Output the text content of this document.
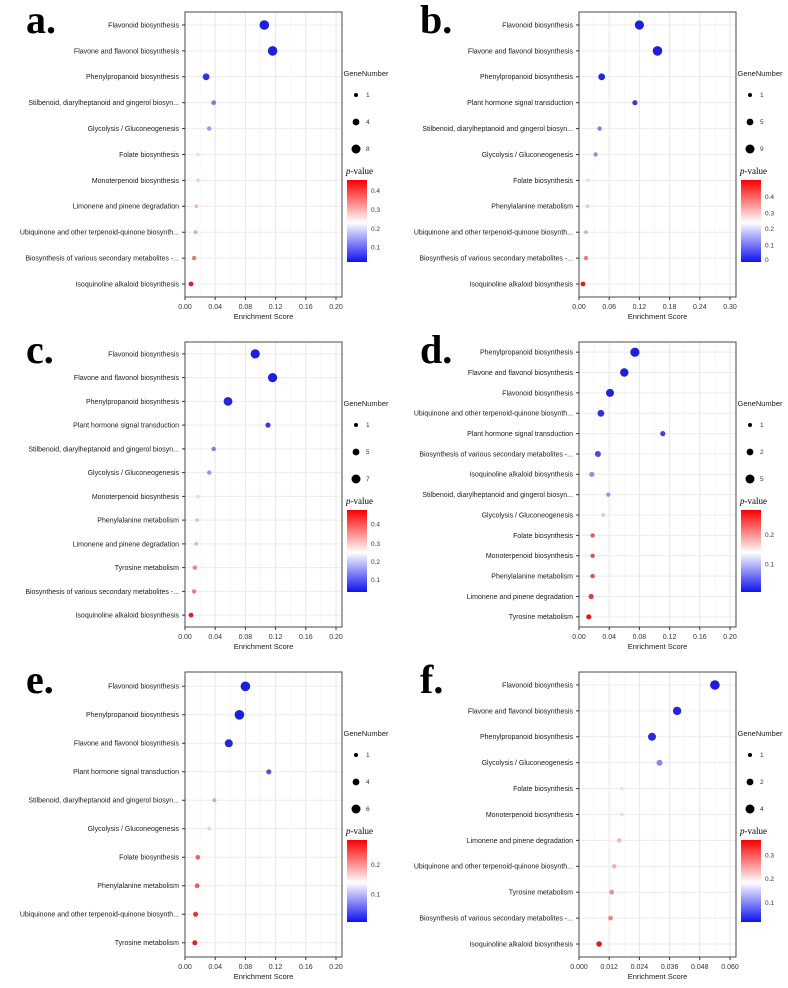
a.	Flavonoid biosynthesis
Flavone and flavonol biosynthesis
Phenylpropanoid biosynthesis
Stilbenoid, diarylheptanoid and gingerol biosyn...
Glycolysis / Gluconeogenesis
Folate biosynthesis
Monoterpenoid biosynthesis
Limonene and pinene degradation
Ubiquinone and other terpenoid-quinone biosynth...
Biosynthesis of various secondary metabolites -...
Isoquinoline alkaloid biosynthesis
0.00 0.04 0.08 0.12 0.16 0.20
Enrichment Score
GeneNumber
1
4
8
p-value
0.4
0.3
0.2
0.1
b.	Flavonoid biosynthesis
Flavone and flavonol biosynthesis
Phenylpropanoid biosynthesis
Plant hormone signal transduction
Stilbenoid, diarylheptanoid and gingerol biosyn...
Glycolysis / Gluconeogenesis
Folate biosynthesis
Phenylalanine metabolism
Ubiquinone and other terpenoid-quinone biosynth...
Biosynthesis of various secondary metabolites -...
Isoquinoline alkaloid biosynthesis
0.00 0.06 0.12 0.18 0.24 0.30
Enrichment Score
GeneNumber
1
5
9
p-value
0.4
0.3
0.2
0.1
0
c.	Flavonoid biosynthesis
Flavone and flavonol biosynthesis
Phenylpropanoid biosynthesis
Plant hormone signal transduction
Stilbenoid, diarylheptanoid and gingerol biosyn...
Glycolysis / Gluconeogenesis
Monoterpenoid biosynthesis
Phenylalanine metabolism
Limonene and pinene degradation
Tyrosine metabolism
Biosynthesis of various secondary metabolites -...
Isoquinoline alkaloid biosynthesis
0.00 0.04 0.08 0.12 0.16 0.20
Enrichment Score
GeneNumber
1
5
7
p-value
0.4
0.3
0.2
0.1
d.	Phenylpropanoid biosynthesis
Flavone and flavonol biosynthesis
Flavonoid biosynthesis
Ubiquinone and other terpenoid-quinone biosynth...
Plant hormone signal transduction
Biosynthesis of various secondary metabolites -...
Isoquinoline alkaloid biosynthesis
Stilbenoid, diarylheptanoid and gingerol biosyn...
Glycolysis / Gluconeogenesis
Folate biosynthesis
Monoterpenoid biosynthesis
Phenylalanine metabolism
Limonene and pinene degradation
Tyrosine metabolism
0.00 0.04 0.08 0.12 0.16 0.20
Enrichment Score
GeneNumber
1
2
5
p-value
0.2
0.1
e.	Flavonoid biosynthesis
Phenylpropanoid biosynthesis
Flavone and flavonol biosynthesis
Plant hormone signal transduction
Stilbenoid, diarylheptanoid and gingerol biosyn...
Glycolysis / Gluconeogenesis
Folate biosynthesis
Phenylalanine metabolism
Ubiquinone and other terpenoid-quinone biosynth...
Tyrosine metabolism
0.00 0.04 0.08 0.12 0.16 0.20
Enrichment Score
GeneNumber
1
4
6
p-value
0.2
0.1
f.	Flavonoid biosynthesis
Flavone and flavonol biosynthesis
Phenylpropanoid biosynthesis
Glycolysis / Gluconeogenesis
Folate biosynthesis
Monoterpenoid biosynthesis
Limonene and pinene degradation
Ubiquinone and other terpenoid-quinone biosynth...
Tyrosine metabolism
Biosynthesis of various secondary metabolites -...
Isoquinoline alkaloid biosynthesis
0.000 0.012 0.024 0.036 0.048 0.060
Enrichment Score
GeneNumber
1
2
4
p-value
0.3
0.2
0.1
